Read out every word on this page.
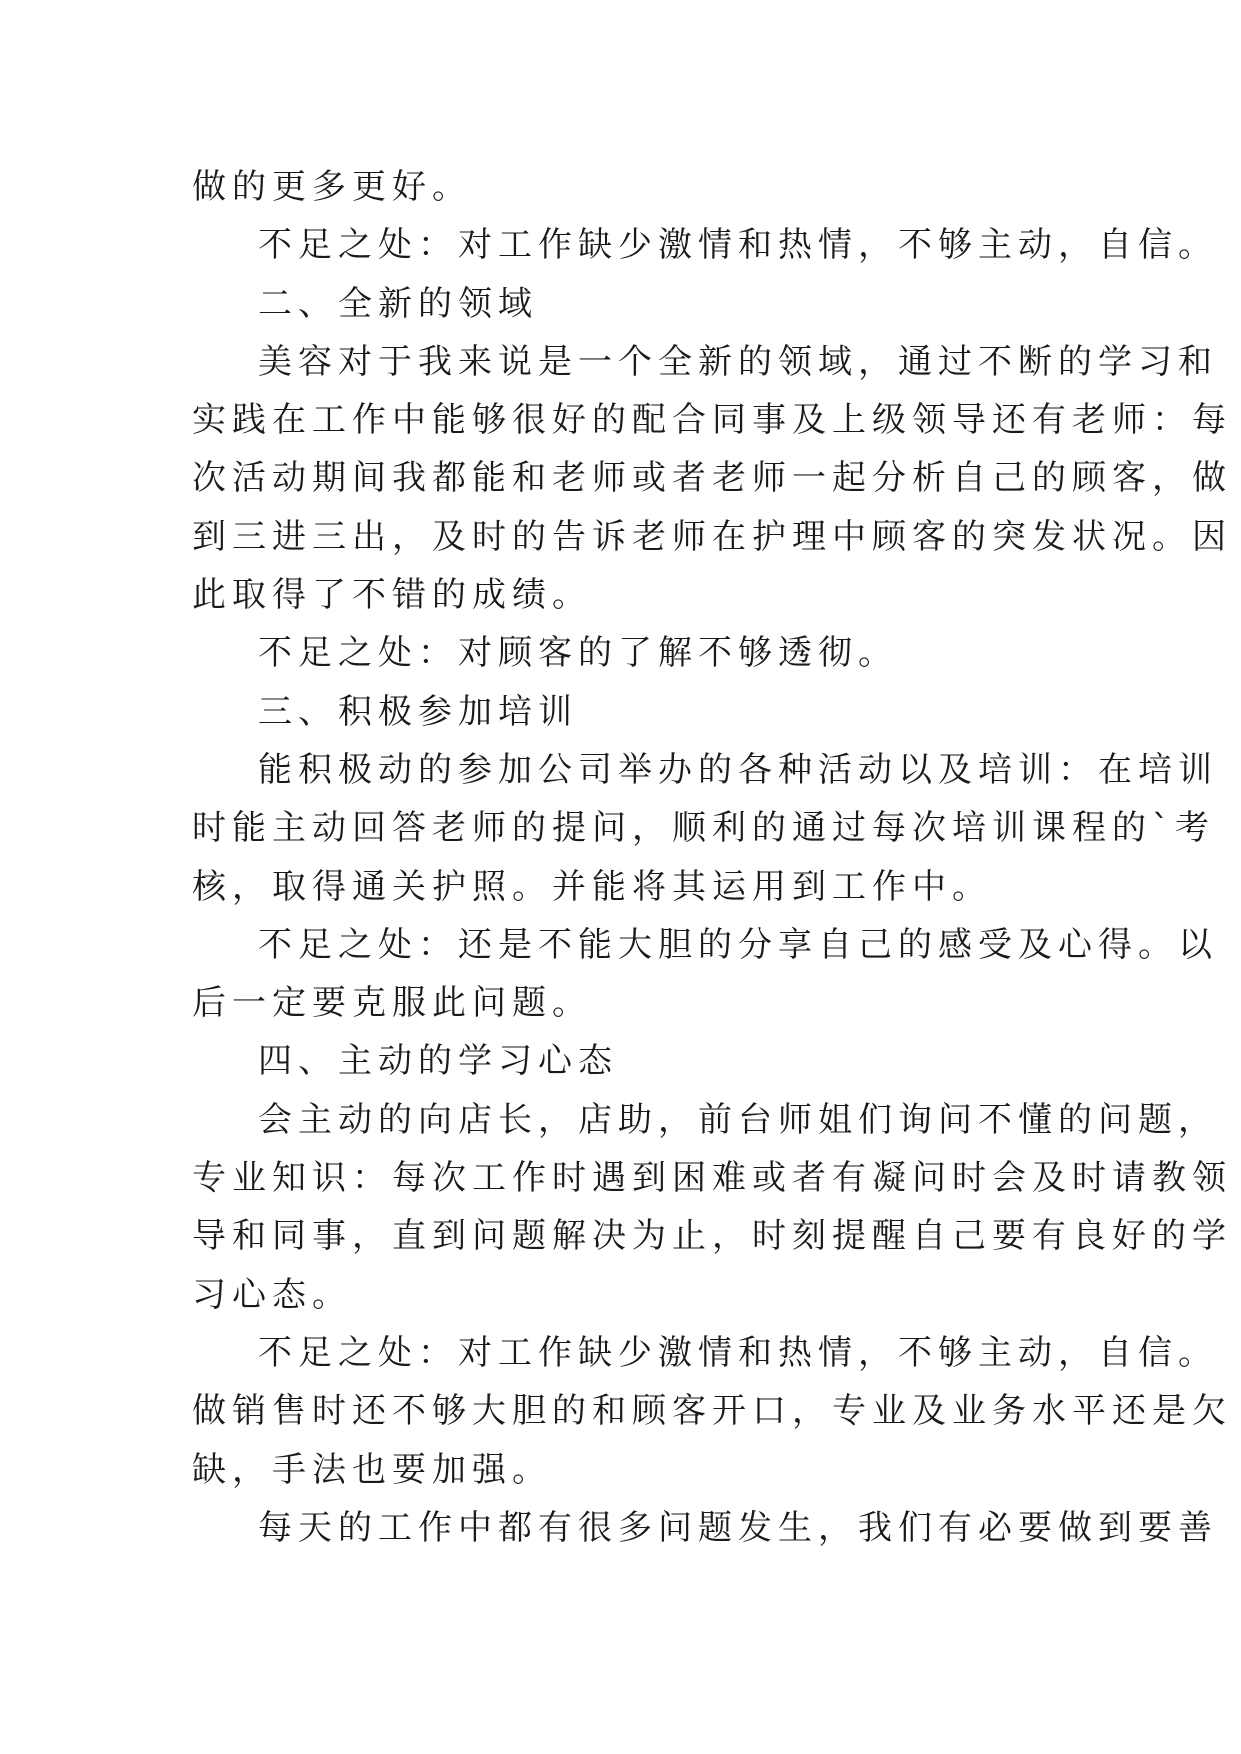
做的更多更好。
不足之处：对工作缺少激情和热情，不够主动，自信。
二、全新的领域
美容对于我来说是一个全新的领域，通过不断的学习和
实践在工作中能够很好的配合同事及上级领导还有老师：每
次活动期间我都能和老师或者老师一起分析自己的顾客，做
到三进三出，及时的告诉老师在护理中顾客的突发状况。因
此取得了不错的成绩。
不足之处：对顾客的了解不够透彻。
三、积极参加培训
能积极动的参加公司举办的各种活动以及培训：在培训
时能主动回答老师的提问，顺利的通过每次培训课程的`考
核，取得通关护照。并能将其运用到工作中。
不足之处：还是不能大胆的分享自己的感受及心得。以
后一定要克服此问题。
四、主动的学习心态
会主动的向店长，店助，前台师姐们询问不懂的问题，
专业知识：每次工作时遇到困难或者有凝问时会及时请教领
导和同事，直到问题解决为止，时刻提醒自己要有良好的学
习心态。
不足之处：对工作缺少激情和热情，不够主动，自信。
做销售时还不够大胆的和顾客开口，专业及业务水平还是欠
缺，手法也要加强。
每天的工作中都有很多问题发生，我们有必要做到要善
